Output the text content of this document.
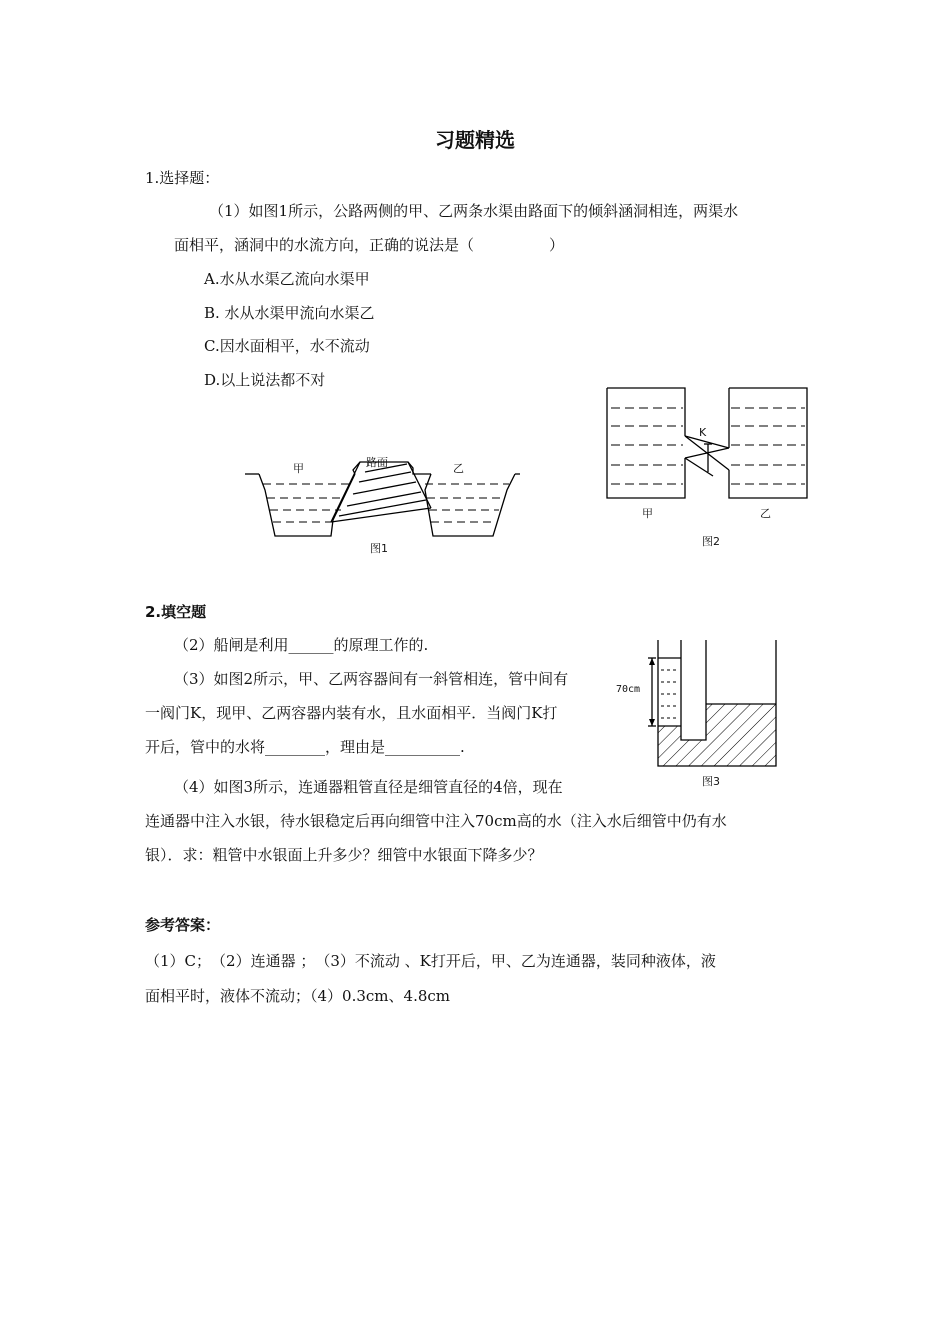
习题精选
1.选择题：
（1）如图1所示，公路两侧的甲、乙两条水渠由路面下的倾斜涵洞相连，两渠水
面相平，涵洞中的水流方向，正确的说法是（　　　　　）
A.水从水渠乙流向水渠甲
B. 水从水渠甲流向水渠乙
C.因水面相平，水不流动
D.以上说法都不对
甲	路面	乙
图1
K
甲	乙
图2
2.填空题
（2）船闸是利用______的原理工作的.
（3）如图2所示，甲、乙两容器间有一斜管相连，管中间有
一阀门K，现甲、乙两容器内装有水，且水面相平．当阀门K打
开后，管中的水将________，理由是__________.
（4）如图3所示，连通器粗管直径是细管直径的4倍，现在
连通器中注入水银，待水银稳定后再向细管中注入70cm高的水（注入水后细管中仍有水
银）．求：粗管中水银面上升多少？细管中水银面下降多少？
70cm
图3
参考答案：
（1）C；　（2）连通器 ；　（3）不流动 、K打开后，甲、乙为连通器，装同种液体，液
面相平时，液体不流动；（4）0.3cm、4.8cm
